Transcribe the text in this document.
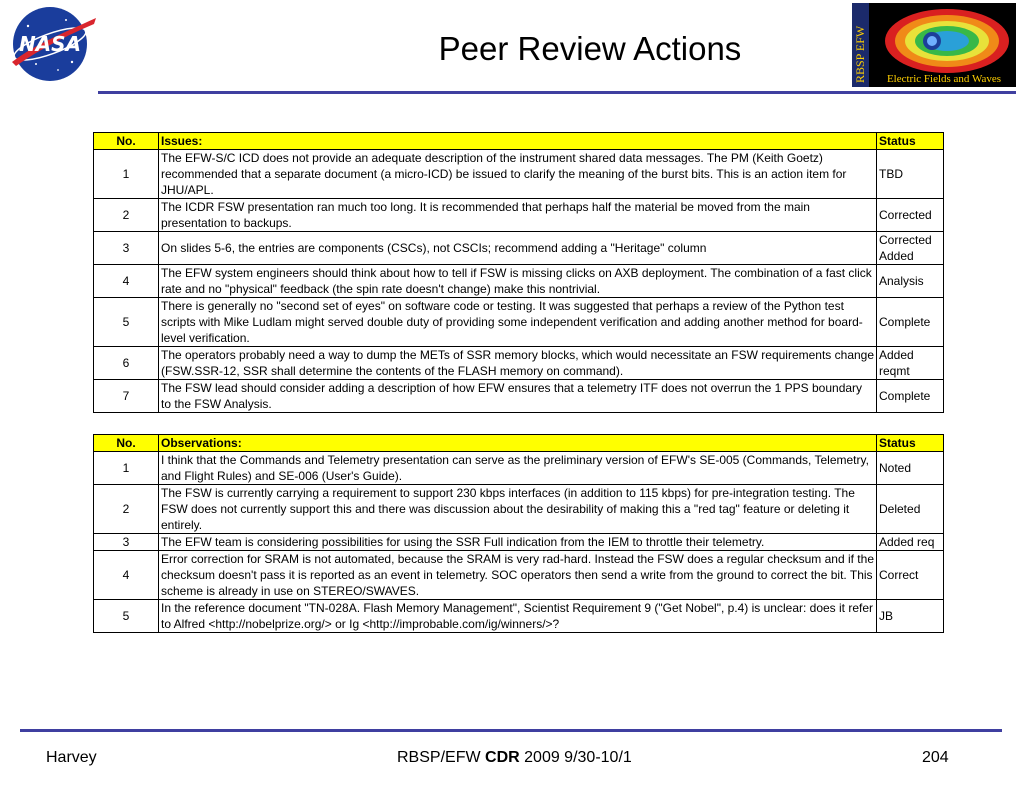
NASA	Peer Review Actions	RBSP EFW Electric Fields and Waves
No.	Issues:	Status
1	The EFW-S/C ICD does not provide an adequate description of the instrument shared data messages. The PM (Keith Goetz) recommended that a separate document (a micro-ICD) be issued to clarify the meaning of the burst bits. This is an action item for JHU/APL.	TBD
2	The ICDR FSW presentation ran much too long. It is recommended that perhaps half the material be moved from the main presentation to backups.	Corrected
3	On slides 5-6, the entries are components (CSCs), not CSCIs; recommend adding a "Heritage" column	Corrected Added
4	The EFW system engineers should think about how to tell if FSW is missing clicks on AXB deployment. The combination of a fast click rate and no "physical" feedback (the spin rate doesn't change) make this nontrivial.	Analysis
5	There is generally no "second set of eyes" on software code or testing. It was suggested that perhaps a review of the Python test scripts with Mike Ludlam might served double duty of providing some independent verification and adding another method for board-level verification.	Complete
6	The operators probably need a way to dump the METs of SSR memory blocks, which would necessitate an FSW requirements change (FSW.SSR-12, SSR shall determine the contents of the FLASH memory on command).	Added reqmt
7	The FSW lead should consider adding a description of how EFW ensures that a telemetry ITF does not overrun the 1 PPS boundary to the FSW Analysis.	Complete
No.	Observations:	Status
1	I think that the Commands and Telemetry presentation can serve as the preliminary version of EFW's SE-005 (Commands, Telemetry, and Flight Rules) and SE-006 (User's Guide).	Noted
2	The FSW is currently carrying a requirement to support 230 kbps interfaces (in addition to 115 kbps) for pre-integration testing. The FSW does not currently support this and there was discussion about the desirability of making this a "red tag" feature or deleting it entirely.	Deleted
3	The EFW team is considering possibilities for using the SSR Full indication from the IEM to throttle their telemetry.	Added req
4	Error correction for SRAM is not automated, because the SRAM is very rad-hard. Instead the FSW does a regular checksum and if the checksum doesn't pass it is reported as an event in telemetry. SOC operators then send a write from the ground to correct the bit. This scheme is already in use on STEREO/SWAVES.	Correct
5	In the reference document "TN-028A. Flash Memory Management", Scientist Requirement 9 ("Get Nobel", p.4) is unclear: does it refer to Alfred <http://nobelprize.org/> or Ig <http://improbable.com/ig/winners/>?	JB
Harvey	RBSP/EFW CDR 2009 9/30-10/1	204
